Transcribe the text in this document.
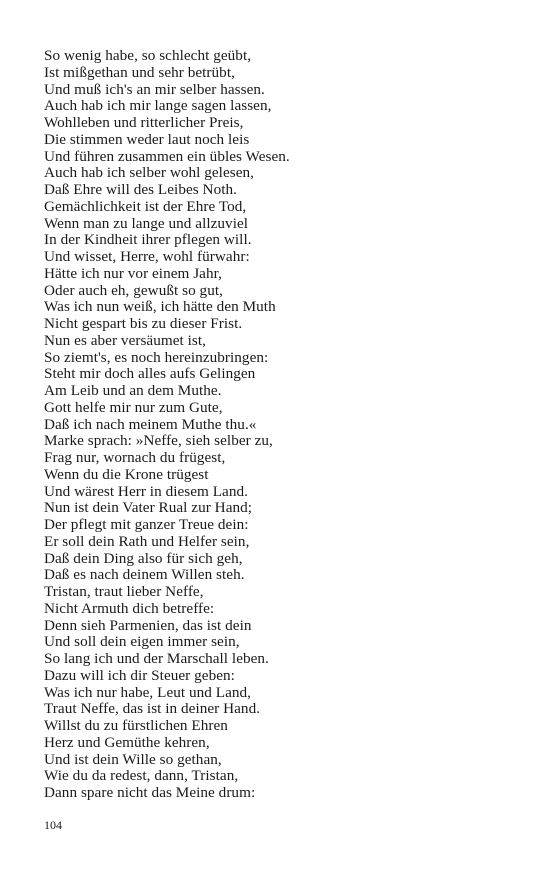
So wenig habe, so schlecht geübt,
Ist mißgethan und sehr betrübt,
Und muß ich's an mir selber hassen.
Auch hab ich mir lange sagen lassen,
Wohlleben und ritterlicher Preis,
Die stimmen weder laut noch leis
Und führen zusammen ein übles Wesen.
Auch hab ich selber wohl gelesen,
Daß Ehre will des Leibes Noth.
Gemächlichkeit ist der Ehre Tod,
Wenn man zu lange und allzuviel
In der Kindheit ihrer pflegen will.
Und wisset, Herre, wohl fürwahr:
Hätte ich nur vor einem Jahr,
Oder auch eh, gewußt so gut,
Was ich nun weiß, ich hätte den Muth
Nicht gespart bis zu dieser Frist.
Nun es aber versäumet ist,
So ziemt's, es noch hereinzubringen:
Steht mir doch alles aufs Gelingen
Am Leib und an dem Muthe.
Gott helfe mir nur zum Gute,
Daß ich nach meinem Muthe thu.«
Marke sprach: »Neffe, sieh selber zu,
Frag nur, wornach du frügest,
Wenn du die Krone trügest
Und wärest Herr in diesem Land.
Nun ist dein Vater Rual zur Hand;
Der pflegt mit ganzer Treue dein:
Er soll dein Rath und Helfer sein,
Daß dein Ding also für sich geh,
Daß es nach deinem Willen steh.
Tristan, traut lieber Neffe,
Nicht Armuth dich betreffe:
Denn sieh Parmenien, das ist dein
Und soll dein eigen immer sein,
So lang ich und der Marschall leben.
Dazu will ich dir Steuer geben:
Was ich nur habe, Leut und Land,
Traut Neffe, das ist in deiner Hand.
Willst du zu fürstlichen Ehren
Herz und Gemüthe kehren,
Und ist dein Wille so gethan,
Wie du da redest, dann, Tristan,
Dann spare nicht das Meine drum:
104
